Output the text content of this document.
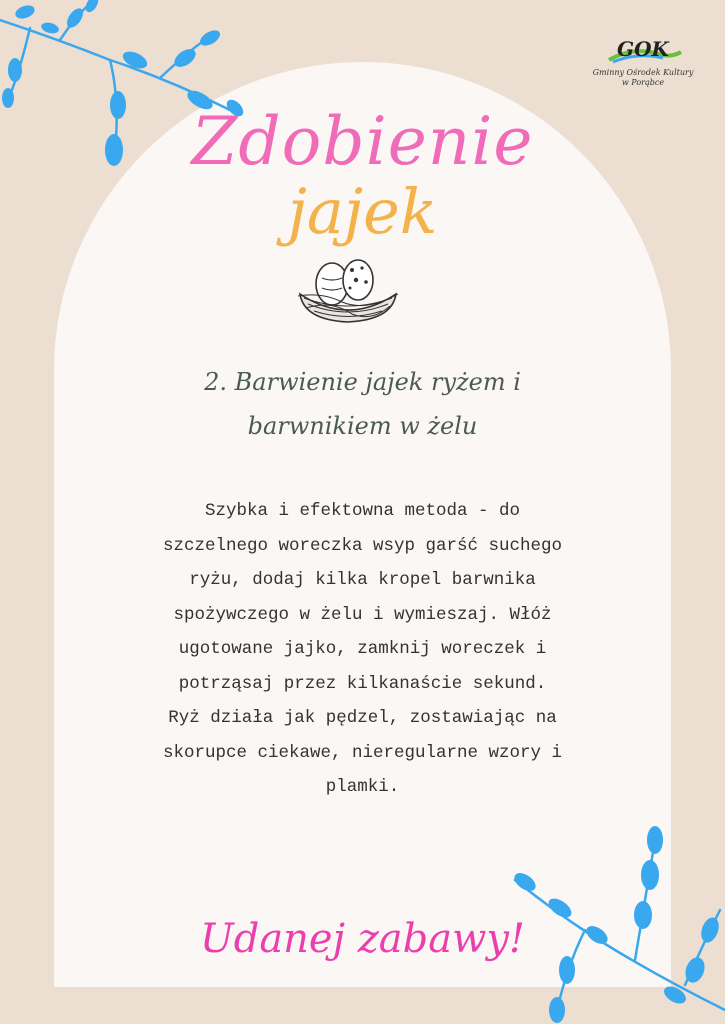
GOK
Gminny Ośrodek Kultury
w Porąbce
Zdobienie
jajek
2. Barwienie jajek ryżem i
barwnikiem w żelu
Szybka i efektowna metoda - do
szczelnego woreczka wsyp garść suchego
ryżu, dodaj kilka kropel barwnika
spożywczego w żelu i wymieszaj. Włóż
ugotowane jajko, zamknij woreczek i
potrząsaj przez kilkanaście sekund.
Ryż działa jak pędzel, zostawiając na
skorupce ciekawe, nieregularne wzory i
plamki.
Udanej zabawy!
